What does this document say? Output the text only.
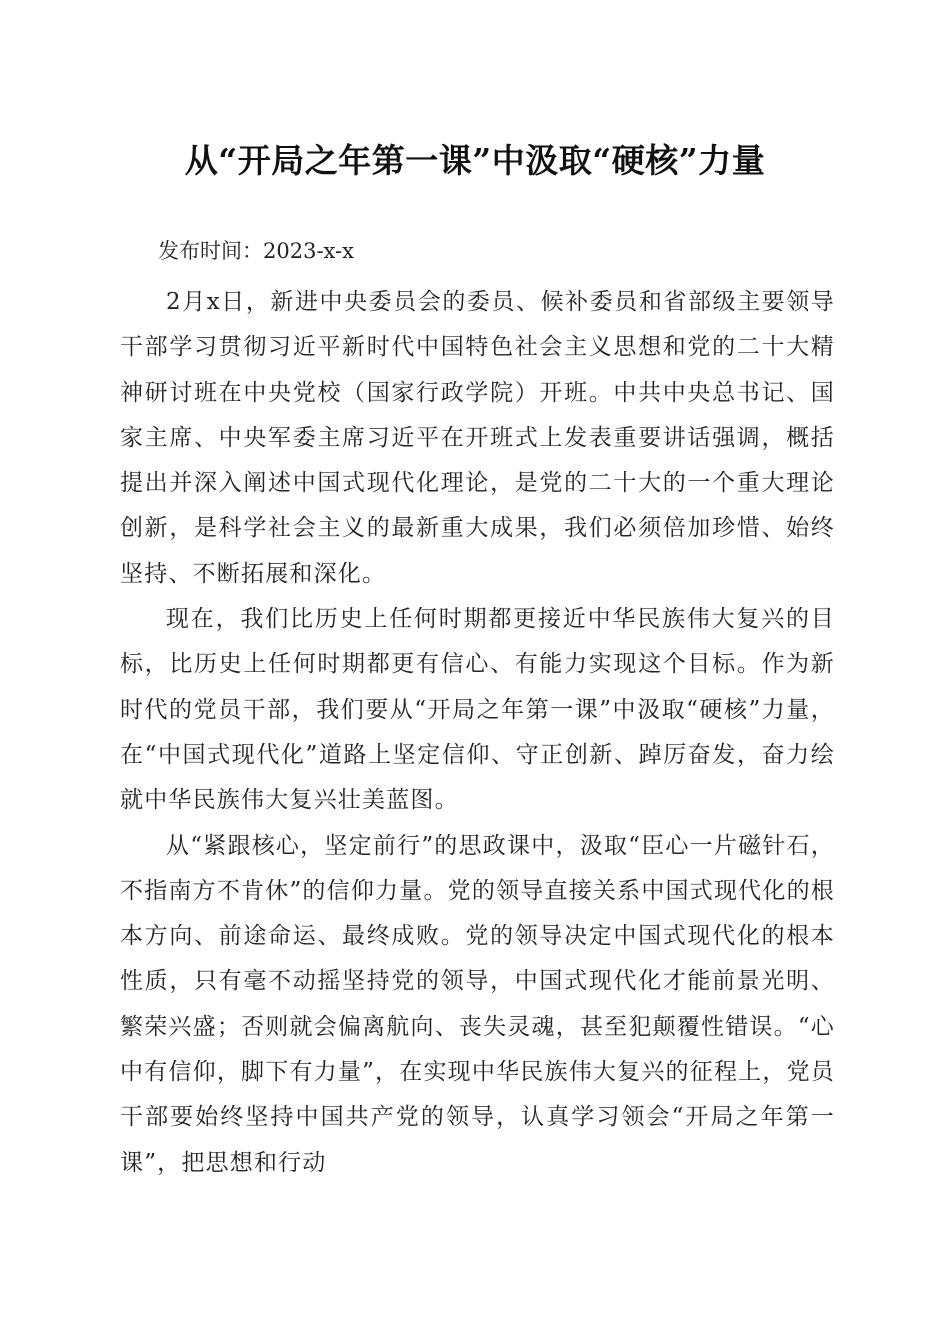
从“开局之年第一课”中汲取“硬核”力量
发布时间：2023-x-x

2月x日，新进中央委员会的委员、候补委员和省部级主要领导干部学习贯彻习近平新时代中国特色社会主义思想和党的二十大精神研讨班在中央党校（国家行政学院）开班。中共中央总书记、国家主席、中央军委主席习近平在开班式上发表重要讲话强调，概括提出并深入阐述中国式现代化理论，是党的二十大的一个重大理论创新，是科学社会主义的最新重大成果，我们必须倍加珍惜、始终坚持、不断拓展和深化。

现在，我们比历史上任何时期都更接近中华民族伟大复兴的目标，比历史上任何时期都更有信心、有能力实现这个目标。作为新时代的党员干部，我们要从“开局之年第一课”中汲取“硬核”力量，在“中国式现代化”道路上坚定信仰、守正创新、踔厉奋发，奋力绘就中华民族伟大复兴壮美蓝图。

从“紧跟核心，坚定前行”的思政课中，汲取“臣心一片磁针石，不指南方不肯休”的信仰力量。党的领导直接关系中国式现代化的根本方向、前途命运、最终成败。党的领导决定中国式现代化的根本性质，只有毫不动摇坚持党的领导，中国式现代化才能前景光明、繁荣兴盛；否则就会偏离航向、丧失灵魂，甚至犯颠覆性错误。“心中有信仰，脚下有力量”，在实现中华民族伟大复兴的征程上，党员干部要始终坚持中国共产党的领导，认真学习领会“开局之年第一课”，把思想和行动
